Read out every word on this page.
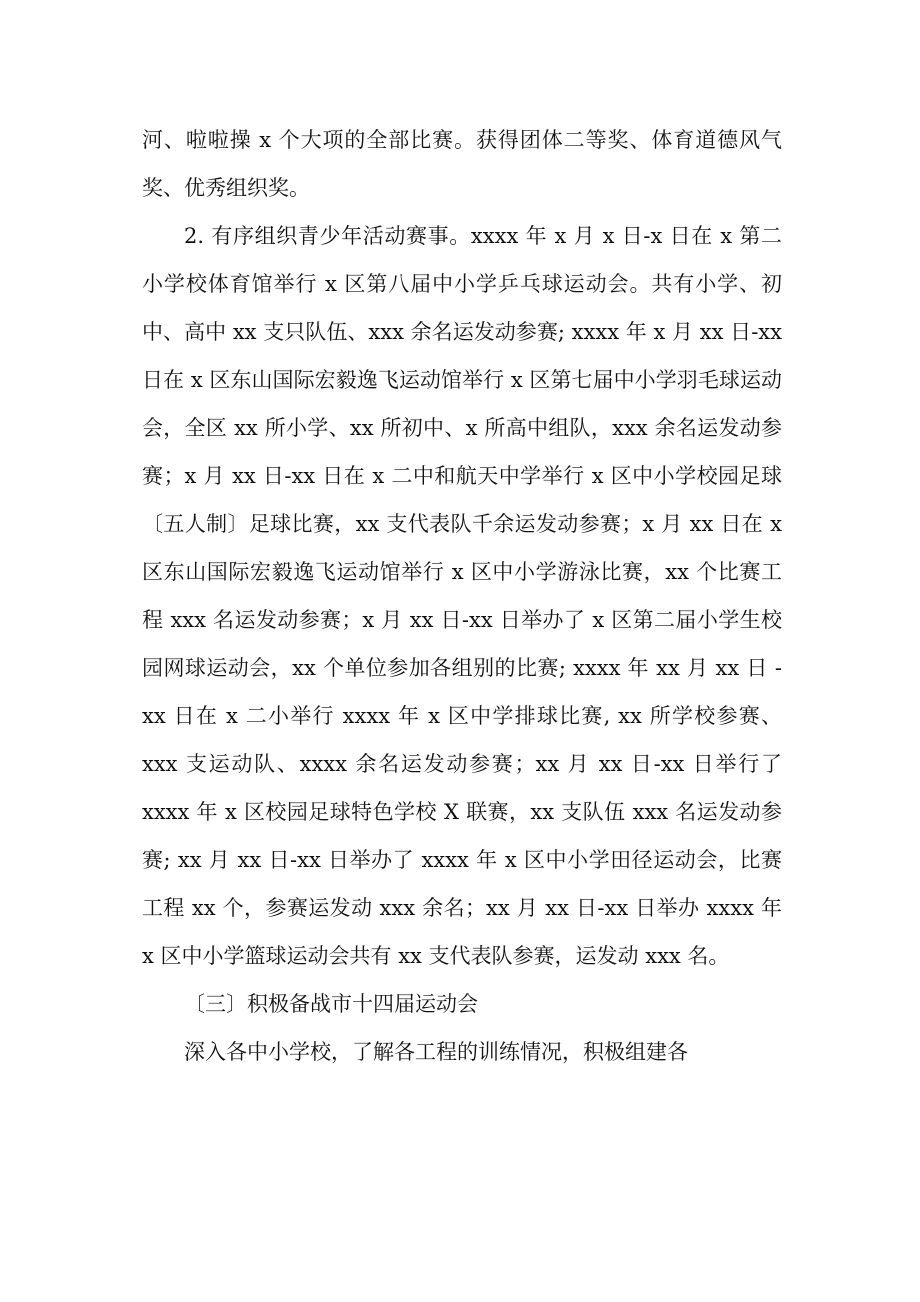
河、啦啦操 x 个大项的全部比赛。获得团体二等奖、体育道德风气奖、优秀组织奖。

2. 有序组织青少年活动赛事。xxxx 年 x 月 x 日-x 日在 x 第二小学校体育馆举行 x 区第八届中小学乒乓球运动会。共有小学、初中、高中 xx 支只队伍、xxx 余名运发动参赛; xxxx 年 x 月 xx 日-xx 日在 x 区东山国际宏毅逸飞运动馆举行 x 区第七届中小学羽毛球运动会，全区 xx 所小学、xx 所初中、x 所高中组队，xxx 余名运发动参赛；x 月 xx 日-xx 日在 x 二中和航天中学举行 x 区中小学校园足球〔五人制〕足球比赛，xx 支代表队千余运发动参赛；x 月 xx 日在 x 区东山国际宏毅逸飞运动馆举行 x 区中小学游泳比赛，xx 个比赛工程 xxx 名运发动参赛；x 月 xx 日-xx 日举办了 x 区第二届小学生校园网球运动会，xx 个单位参加各组别的比赛; xxxx 年 xx 月 xx 日 -xx 日在 x 二小举行 xxxx 年 x 区中学排球比赛, xx 所学校参赛、xxx 支运动队、xxxx 余名运发动参赛；xx 月 xx 日-xx 日举行了 xxxx 年 x 区校园足球特色学校 X 联赛，xx 支队伍 xxx 名运发动参赛; xx 月 xx 日-xx 日举办了 xxxx 年 x 区中小学田径运动会，比赛工程 xx 个，参赛运发动 xxx 余名；xx 月 xx 日-xx 日举办 xxxx 年 x 区中小学篮球运动会共有 xx 支代表队参赛，运发动 xxx 名。

〔三〕积极备战市十四届运动会

深入各中小学校，了解各工程的训练情况，积极组建各
